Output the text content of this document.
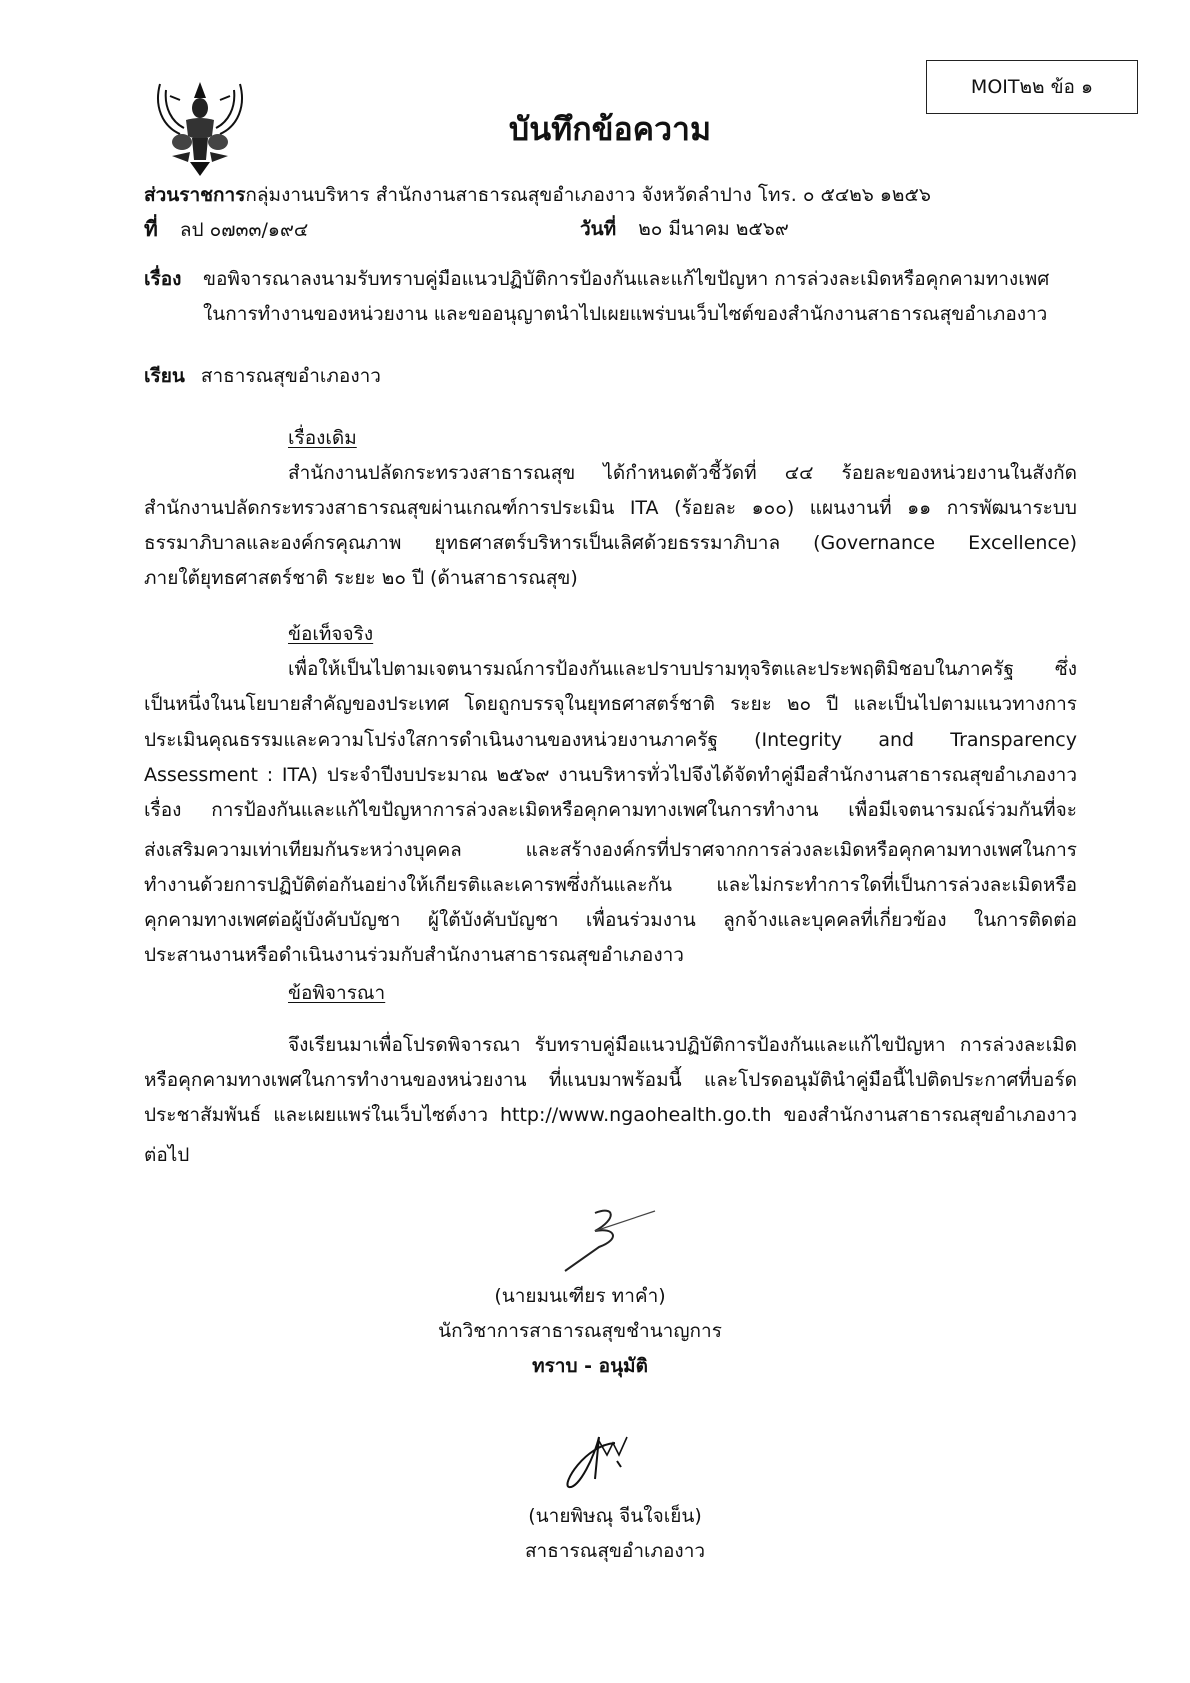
MOIT๒๒ ข้อ ๑
บันทึกข้อความ
ส่วนราชการกลุ่มงานบริหาร สำนักงานสาธารณสุขอำเภองาว จังหวัดลำปาง โทร. ๐ ๕๔๒๖ ๑๒๕๖
ที่ ลป ๐๗๓๓/๑๙๔	วันที่ ๒๐ มีนาคม ๒๕๖๙
เรื่อง ขอพิจารณาลงนามรับทราบคู่มือแนวปฏิบัติการป้องกันและแก้ไขปัญหา การล่วงละเมิดหรือคุกคามทางเพศ
ในการทำงานของหน่วยงาน และขออนุญาตนำไปเผยแพร่บนเว็บไซต์ของสำนักงานสาธารณสุขอำเภองาว
เรียน สาธารณสุขอำเภองาว
เรื่องเดิม
สำนักงานปลัดกระทรวงสาธารณสุข ได้กำหนดตัวชี้วัดที่ ๔๔ ร้อยละของหน่วยงานในสังกัด
สำนักงานปลัดกระทรวงสาธารณสุขผ่านเกณฑ์การประเมิน ITA (ร้อยละ ๑๐๐) แผนงานที่ ๑๑ การพัฒนาระบบ
ธรรมาภิบาลและองค์กรคุณภาพ ยุทธศาสตร์บริหารเป็นเลิศด้วยธรรมาภิบาล (Governance Excellence)
ภายใต้ยุทธศาสตร์ชาติ ระยะ ๒๐ ปี (ด้านสาธารณสุข)
ข้อเท็จจริง
เพื่อให้เป็นไปตามเจตนารมณ์การป้องกันและปราบปรามทุจริตและประพฤติมิชอบในภาครัฐ ซึ่ง
เป็นหนึ่งในนโยบายสำคัญของประเทศ โดยถูกบรรจุในยุทธศาสตร์ชาติ ระยะ ๒๐ ปี และเป็นไปตามแนวทางการ
ประเมินคุณธรรมและความโปร่งใสการดำเนินงานของหน่วยงานภาครัฐ (Integrity and Transparency
Assessment : ITA) ประจำปีงบประมาณ ๒๕๖๙ งานบริหารทั่วไปจึงได้จัดทำคู่มือสำนักงานสาธารณสุขอำเภองาว
เรื่อง การป้องกันและแก้ไขปัญหาการล่วงละเมิดหรือคุกคามทางเพศในการทำงาน เพื่อมีเจตนารมณ์ร่วมกันที่จะ
ส่งเสริมความเท่าเทียมกันระหว่างบุคคล และสร้างองค์กรที่ปราศจากการล่วงละเมิดหรือคุกคามทางเพศในการ
ทำงานด้วยการปฏิบัติต่อกันอย่างให้เกียรติและเคารพซึ่งกันและกัน และไม่กระทำการใดที่เป็นการล่วงละเมิดหรือ
คุกคามทางเพศต่อผู้บังคับบัญชา ผู้ใต้บังคับบัญชา เพื่อนร่วมงาน ลูกจ้างและบุคคลที่เกี่ยวข้อง ในการติดต่อ
ประสานงานหรือดำเนินงานร่วมกับสำนักงานสาธารณสุขอำเภองาว
ข้อพิจารณา
จึงเรียนมาเพื่อโปรดพิจารณา รับทราบคู่มือแนวปฏิบัติการป้องกันและแก้ไขปัญหา การล่วงละเมิด
หรือคุกคามทางเพศในการทำงานของหน่วยงาน ที่แนบมาพร้อมนี้ และโปรดอนุมัตินำคู่มือนี้ไปติดประกาศที่บอร์ด
ประชาสัมพันธ์ และเผยแพร่ในเว็บไซต์งาว http://www.ngaohealth.go.th ของสำนักงานสาธารณสุขอำเภองาว
ต่อไป
(นายมนเฑียร ทาคำ)
นักวิชาการสาธารณสุขชำนาญการ
ทราบ - อนุมัติ
(นายพิษณุ จีนใจเย็น)
สาธารณสุขอำเภองาว
